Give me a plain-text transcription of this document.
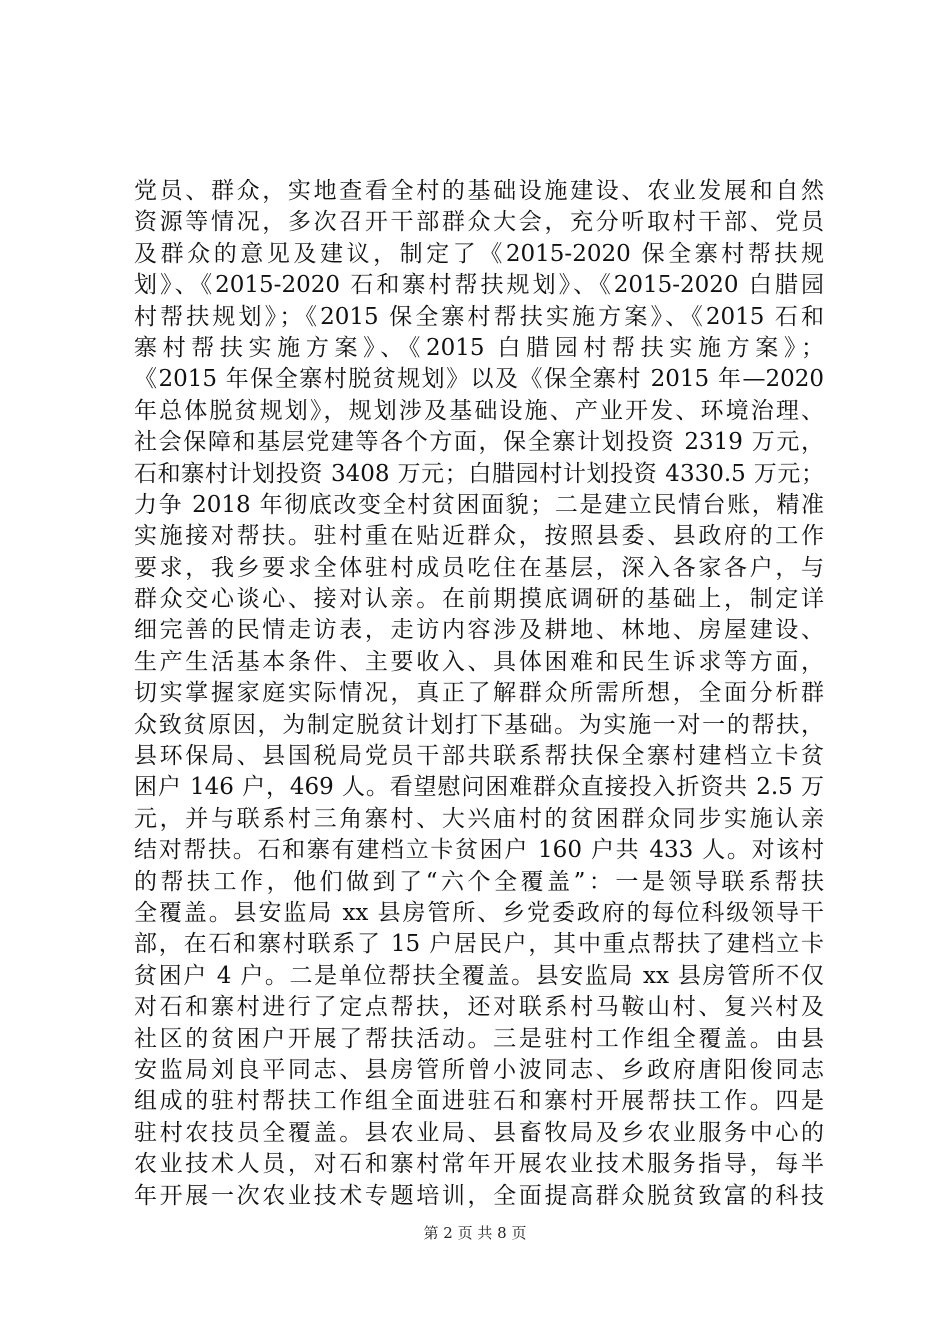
党员、群众，实地查看全村的基础设施建设、农业发展和自然
资源等情况，多次召开干部群众大会，充分听取村干部、党员
及群众的意见及建议，制定了《2015-2020 保全寨村帮扶规
划》、《2015-2020 石和寨村帮扶规划》、《2015-2020 白腊园
村帮扶规划》；《2015 保全寨村帮扶实施方案》、《2015 石和
寨村帮扶实施方案》、《2015 白腊园村帮扶实施方案》；
《2015 年保全寨村脱贫规划》以及《保全寨村 2015 年—2020
年总体脱贫规划》，规划涉及基础设施、产业开发、环境治理、
社会保障和基层党建等各个方面，保全寨计划投资 2319 万元，
石和寨村计划投资 3408 万元；白腊园村计划投资 4330.5 万元；
力争 2018 年彻底改变全村贫困面貌；二是建立民情台账，精准
实施接对帮扶。驻村重在贴近群众，按照县委、县政府的工作
要求，我乡要求全体驻村成员吃住在基层，深入各家各户，与
群众交心谈心、接对认亲。在前期摸底调研的基础上，制定详
细完善的民情走访表，走访内容涉及耕地、林地、房屋建设、
生产生活基本条件、主要收入、具体困难和民生诉求等方面，
切实掌握家庭实际情况，真正了解群众所需所想，全面分析群
众致贫原因，为制定脱贫计划打下基础。为实施一对一的帮扶，
县环保局、县国税局党员干部共联系帮扶保全寨村建档立卡贫
困户 146 户，469 人。看望慰问困难群众直接投入折资共 2.5 万
元，并与联系村三角寨村、大兴庙村的贫困群众同步实施认亲
结对帮扶。石和寨有建档立卡贫困户 160 户共 433 人。对该村
的帮扶工作，他们做到了“六个全覆盖”：一是领导联系帮扶
全覆盖。县安监局 xx 县房管所、乡党委政府的每位科级领导干
部，在石和寨村联系了 15 户居民户，其中重点帮扶了建档立卡
贫困户 4 户。二是单位帮扶全覆盖。县安监局 xx 县房管所不仅
对石和寨村进行了定点帮扶，还对联系村马鞍山村、复兴村及
社区的贫困户开展了帮扶活动。三是驻村工作组全覆盖。由县
安监局刘良平同志、县房管所曾小波同志、乡政府唐阳俊同志
组成的驻村帮扶工作组全面进驻石和寨村开展帮扶工作。四是
驻村农技员全覆盖。县农业局、县畜牧局及乡农业服务中心的
农业技术人员，对石和寨村常年开展农业技术服务指导，每半
年开展一次农业技术专题培训，全面提高群众脱贫致富的科技
第 2 页 共 8 页
